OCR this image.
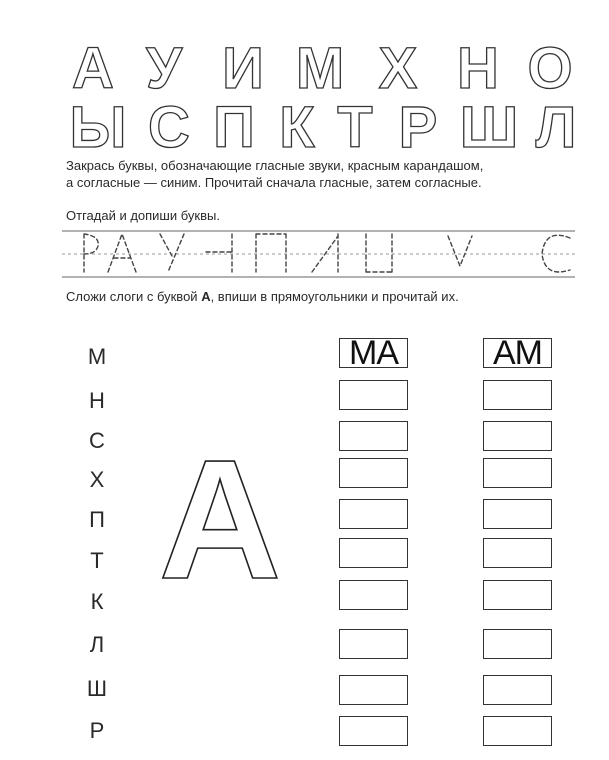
А У И М Х Н О
Ы С П К Т Р Ш Л
Закрась буквы, обозначающие гласные звуки, красным карандашом,
а согласные — синим. Прочитай сначала гласные, затем согласные.
Отгадай и допиши буквы.
Сложи слоги с буквой А, впиши в прямоугольники и прочитай их.
М
Н
С
Х
П
Т
К
Л
Ш
Р
А
МА	АМ
